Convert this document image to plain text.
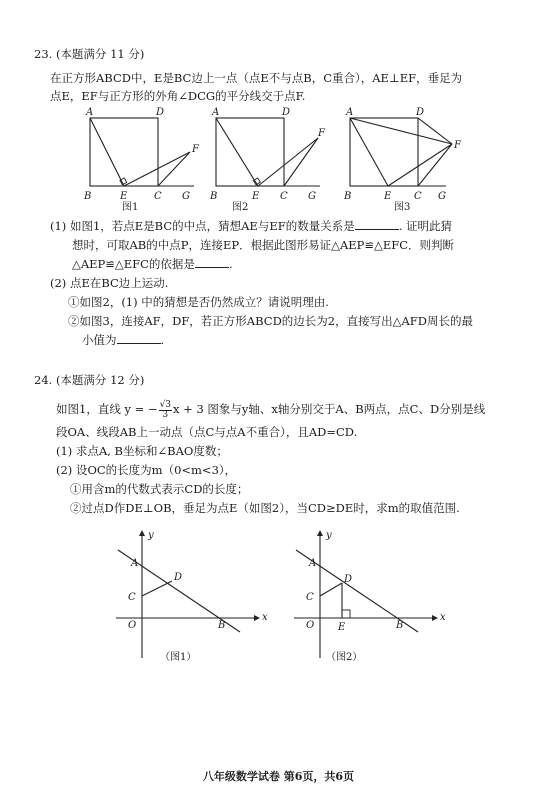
23. (本题满分 11 分)
在正方形ABCD中，E是BC边上一点（点E不与点B，C重合），AE⊥EF，垂足为
点E，EF与正方形的外角∠DCG的平分线交于点F.
A	D
B	E	C G
F
图1
A	D
B	E C G
F
图2
A	D
B	E C G
F
图3
(1) 如图1，若点E是BC的中点，猜想AE与EF的数量关系是	. 证明此猜
想时，可取AB的中点P，连接EP．根据此图形易证△AEP≌△EFC．则判断
△AEP≌△EFC的依据是	.
(2) 点E在BC边上运动.
①如图2，(1) 中的猜想是否仍然成立？请说明理由.
②如图3，连接AF，DF，若正方形ABCD的边长为2，直接写出△AFD周长的最
小值为	.
24. (本题满分 12 分)
如图1，直线 y = − $\frac{√3}{3}$ x + 3 图象与y轴、x轴分别交于A、B两点，点C、D分别是线
段OA、线段AB上一动点（点C与点A不重合），且AD=CD.
(1) 求点A, B坐标和∠BAO度数；
(2) 设OC的长度为m（0<m<3），
①用含m的代数式表示CD的长度；
②过点D作DE⊥OB，垂足为点E（如图2），当CD≥DE时，求m的取值范围.
A
D
C
O	B
x
y
（图1）
A
D
C
O E	B
x
y
（图2）
八年级数学试卷 第6页，共6页
